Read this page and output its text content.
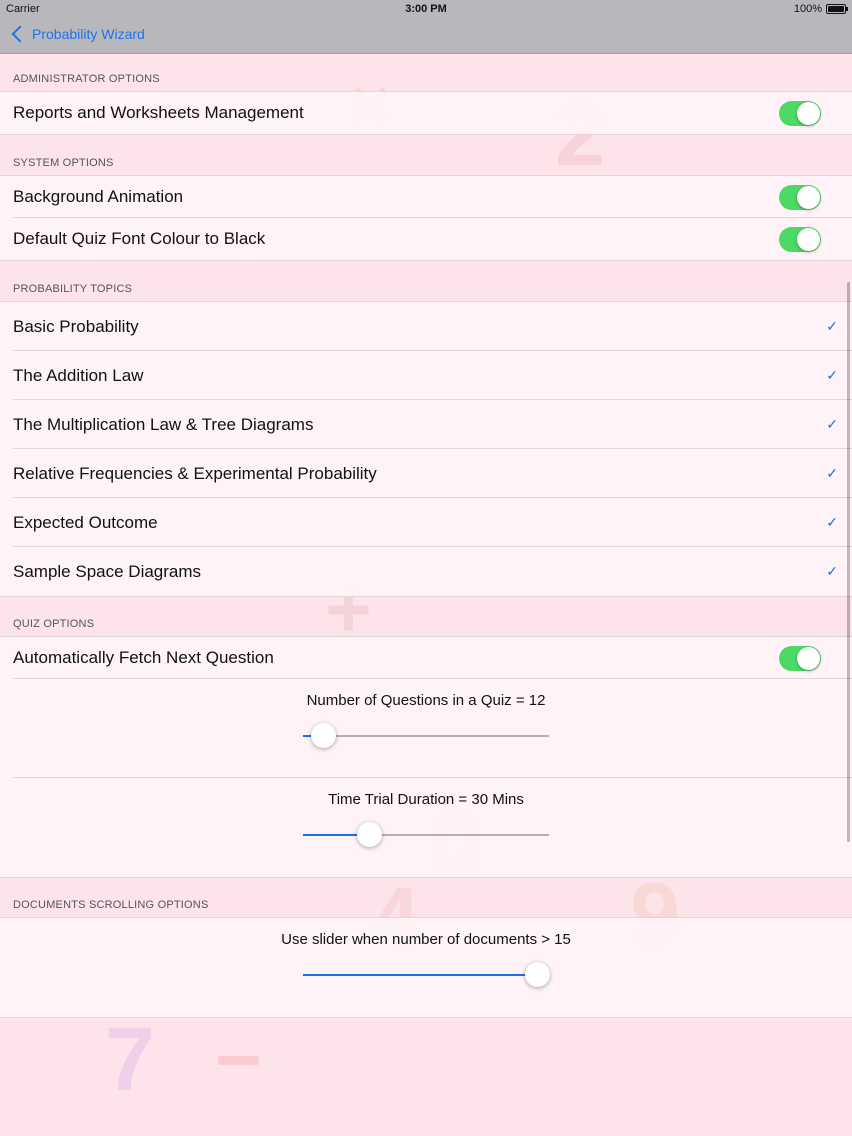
Carrier	3:00 PM	100%
Probability Wizard
2
+
9
7 −
ADMINISTRATOR OPTIONS
Reports and Worksheets Management
SYSTEM OPTIONS
Background Animation
Default Quiz Font Colour to Black
PROBABILITY TOPICS
Basic Probability	✓
The Addition Law	✓
The Multiplication Law & Tree Diagrams	✓
Relative Frequencies & Experimental Probability	✓
Expected Outcome	✓
Sample Space Diagrams	✓
QUIZ OPTIONS
Automatically Fetch Next Question
Number of Questions in a Quiz = 12
Time Trial Duration = 30 Mins
DOCUMENTS SCROLLING OPTIONS
Use slider when number of documents > 15
